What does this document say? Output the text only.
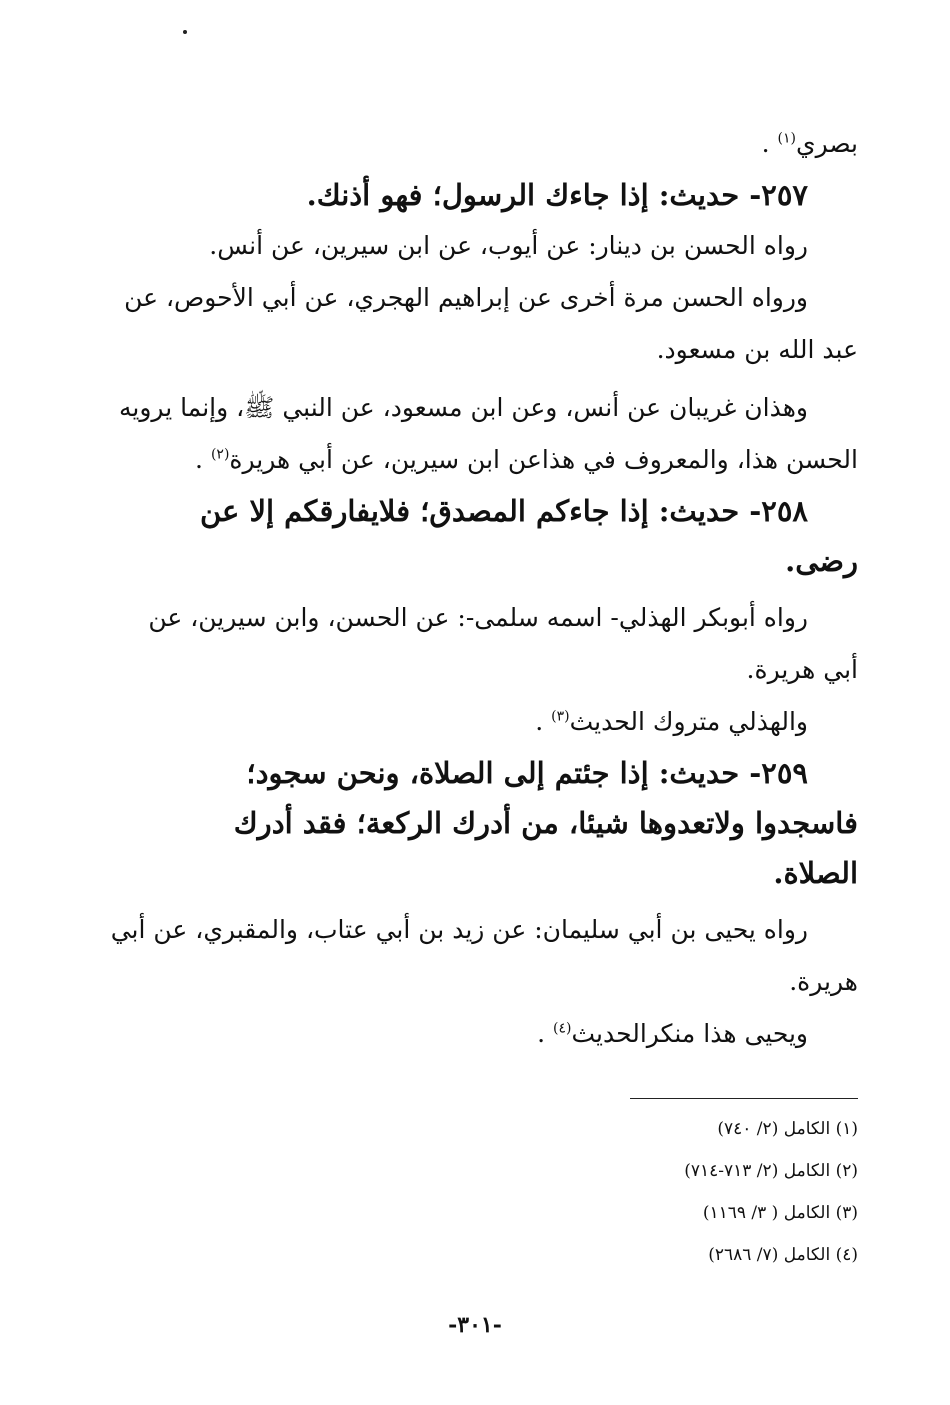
بصري$^{(١)}$ .

٢٥٧- حديث: إذا جاءك الرسول؛ فهو أذنك.

رواه الحسن بن دينار: عن أيوب، عن ابن سيرين، عن أنس.

ورواه الحسن مرة أخرى عن إبراهيم الهجري، عن أبي الأحوص، عن

عبد الله بن مسعود.

وهذان غريبان عن أنس، وعن ابن مسعود، عن النبي ﷺ، وإنما يرويه

الحسن هذا، والمعروف في هذاعن ابن سيرين، عن أبي هريرة$^{(٢)}$ .

٢٥٨- حديث: إذا جاءكم المصدق؛ فلايفارقكم إلا عن

رضى.

رواه أبوبكر الهذلي- اسمه سلمى-: عن الحسن، وابن سيرين، عن

أبي هريرة.

والهذلي متروك الحديث$^{(٣)}$ .

٢٥٩- حديث: إذا جئتم إلى الصلاة، ونحن سجود؛

فاسجدوا ولاتعدوها شيئا، من أدرك الركعة؛ فقد أدرك

الصلاة.

رواه يحيى بن أبي سليمان: عن زيد بن أبي عتاب، والمقبري، عن أبي

هريرة.

ويحيى هذا منكرالحديث$^{(٤)}$ .

(١) الكامل (٢/ ٧٤٠)

(٢) الكامل (٢/ ٧١٣-٧١٤)

(٣) الكامل ( ٣/ ١١٦٩)

(٤) الكامل (٧/ ٢٦٨٦)

-٣٠١-
